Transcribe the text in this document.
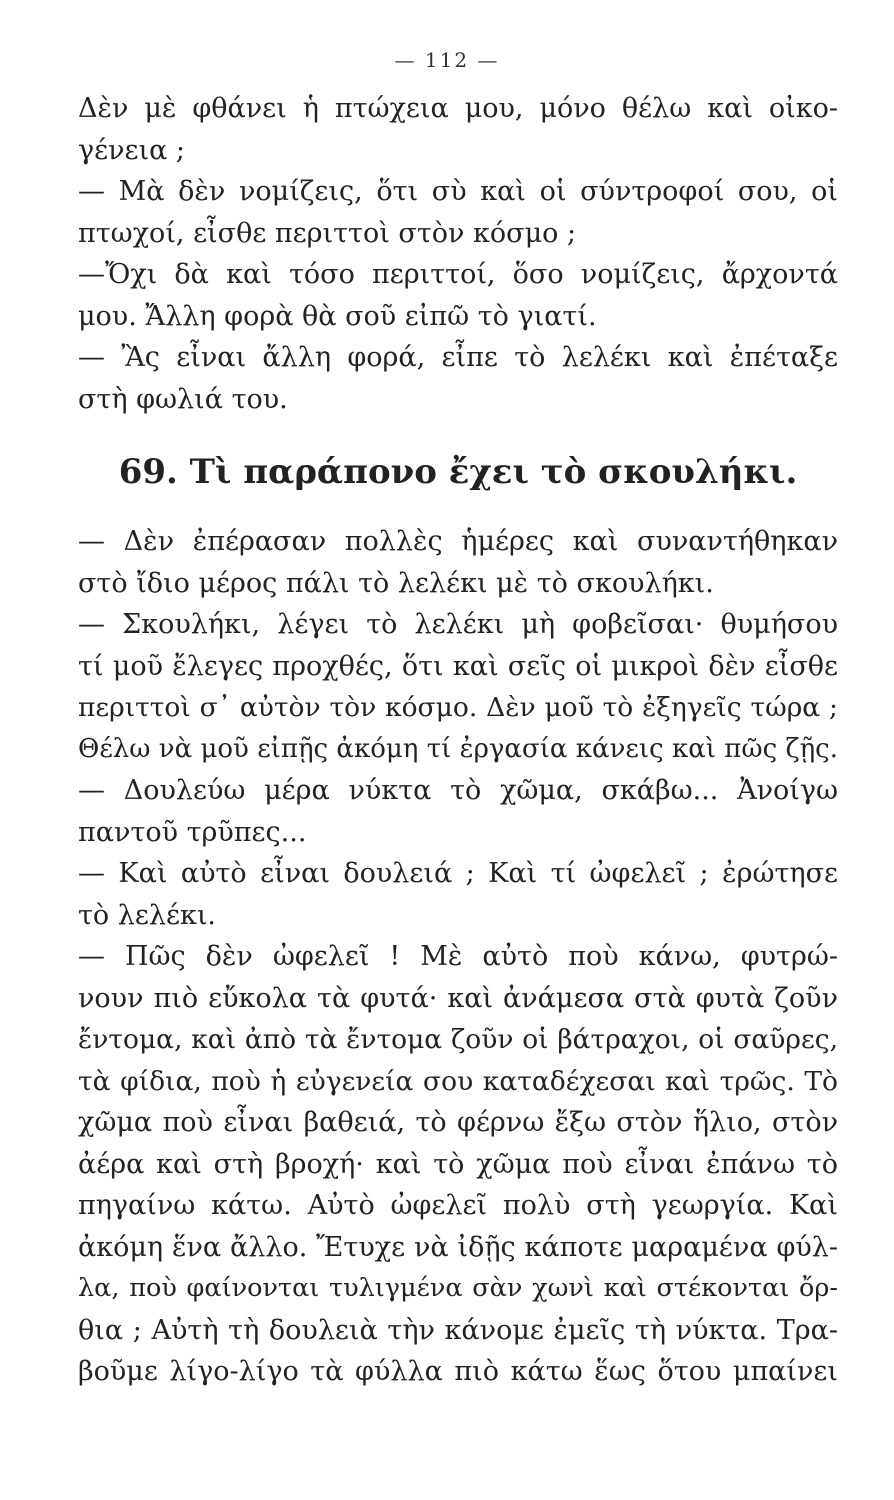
— 112 —
Δὲν μὲ φθάνει ἡ πτώχεια μου, μόνο θέλω καὶ οἰκο-
γένεια ;
— Μὰ δὲν νομίζεις, ὅτι σὺ καὶ οἱ σύντροφοί σου, οἱ
πτωχοί, εἶσθε περιττοὶ στὸν κόσμο ;
—Ὄχι δὰ καὶ τόσο περιττοί, ὅσο νομίζεις, ἄρχοντά
μου. Ἄλλη φορὰ θὰ σοῦ εἰπῶ τὸ γιατί.
— Ἂς εἶναι ἄλλη φορά, εἶπε τὸ λελέκι καὶ ἐπέταξε
στὴ φωλιά του.
69. Τὶ παράπονο ἔχει τὸ σκουλήκι.
— Δὲν ἐπέρασαν πολλὲς ἡμέρες καὶ συναντήθηκαν
στὸ ἴδιο μέρος πάλι τὸ λελέκι μὲ τὸ σκουλήκι.
— Σκουλήκι, λέγει τὸ λελέκι μὴ φοβεῖσαι· θυμήσου
τί μοῦ ἔλεγες προχθές, ὅτι καὶ σεῖς οἱ μικροὶ δὲν εἶσθε
περιττοὶ σ᾿ αὐτὸν τὸν κόσμο. Δὲν μοῦ τὸ ἐξηγεῖς τώρα ;
Θέλω νὰ μοῦ εἰπῇς ἀκόμη τί ἐργασία κάνεις καὶ πῶς ζῇς.
— Δουλεύω μέρα νύκτα τὸ χῶμα, σκάβω... Ἀνοίγω
παντοῦ τρῦπες...
— Καὶ αὐτὸ εἶναι δουλειά ; Καὶ τί ὠφελεῖ ; ἐρώτησε
τὸ λελέκι.
— Πῶς δὲν ὠφελεῖ ! Μὲ αὐτὸ ποὺ κάνω, φυτρώ-
νουν πιὸ εὔκολα τὰ φυτά· καὶ ἀνάμεσα στὰ φυτὰ ζοῦν
ἔντομα, καὶ ἀπὸ τὰ ἔντομα ζοῦν οἱ βάτραχοι, οἱ σαῦρες,
τὰ φίδια, ποὺ ἡ εὐγενεία σου καταδέχεσαι καὶ τρῶς. Τὸ
χῶμα ποὺ εἶναι βαθειά, τὸ φέρνω ἔξω στὸν ἥλιο, στὸν
ἀέρα καὶ στὴ βροχή· καὶ τὸ χῶμα ποὺ εἶναι ἐπάνω τὸ
πηγαίνω κάτω. Αὐτὸ ὠφελεῖ πολὺ στὴ γεωργία. Καὶ
ἀκόμη ἕνα ἄλλο. Ἔτυχε νὰ ἰδῇς κάποτε μαραμένα φύλ-
λα, ποὺ φαίνονται τυλιγμένα σὰν χωνὶ καὶ στέκονται ὄρ-
θια ; Αὐτὴ τὴ δουλειὰ τὴν κάνομε ἐμεῖς τὴ νύκτα. Τρα-
βοῦμε λίγο-λίγο τὰ φύλλα πιὸ κάτω ἕως ὅτου μπαίνει
